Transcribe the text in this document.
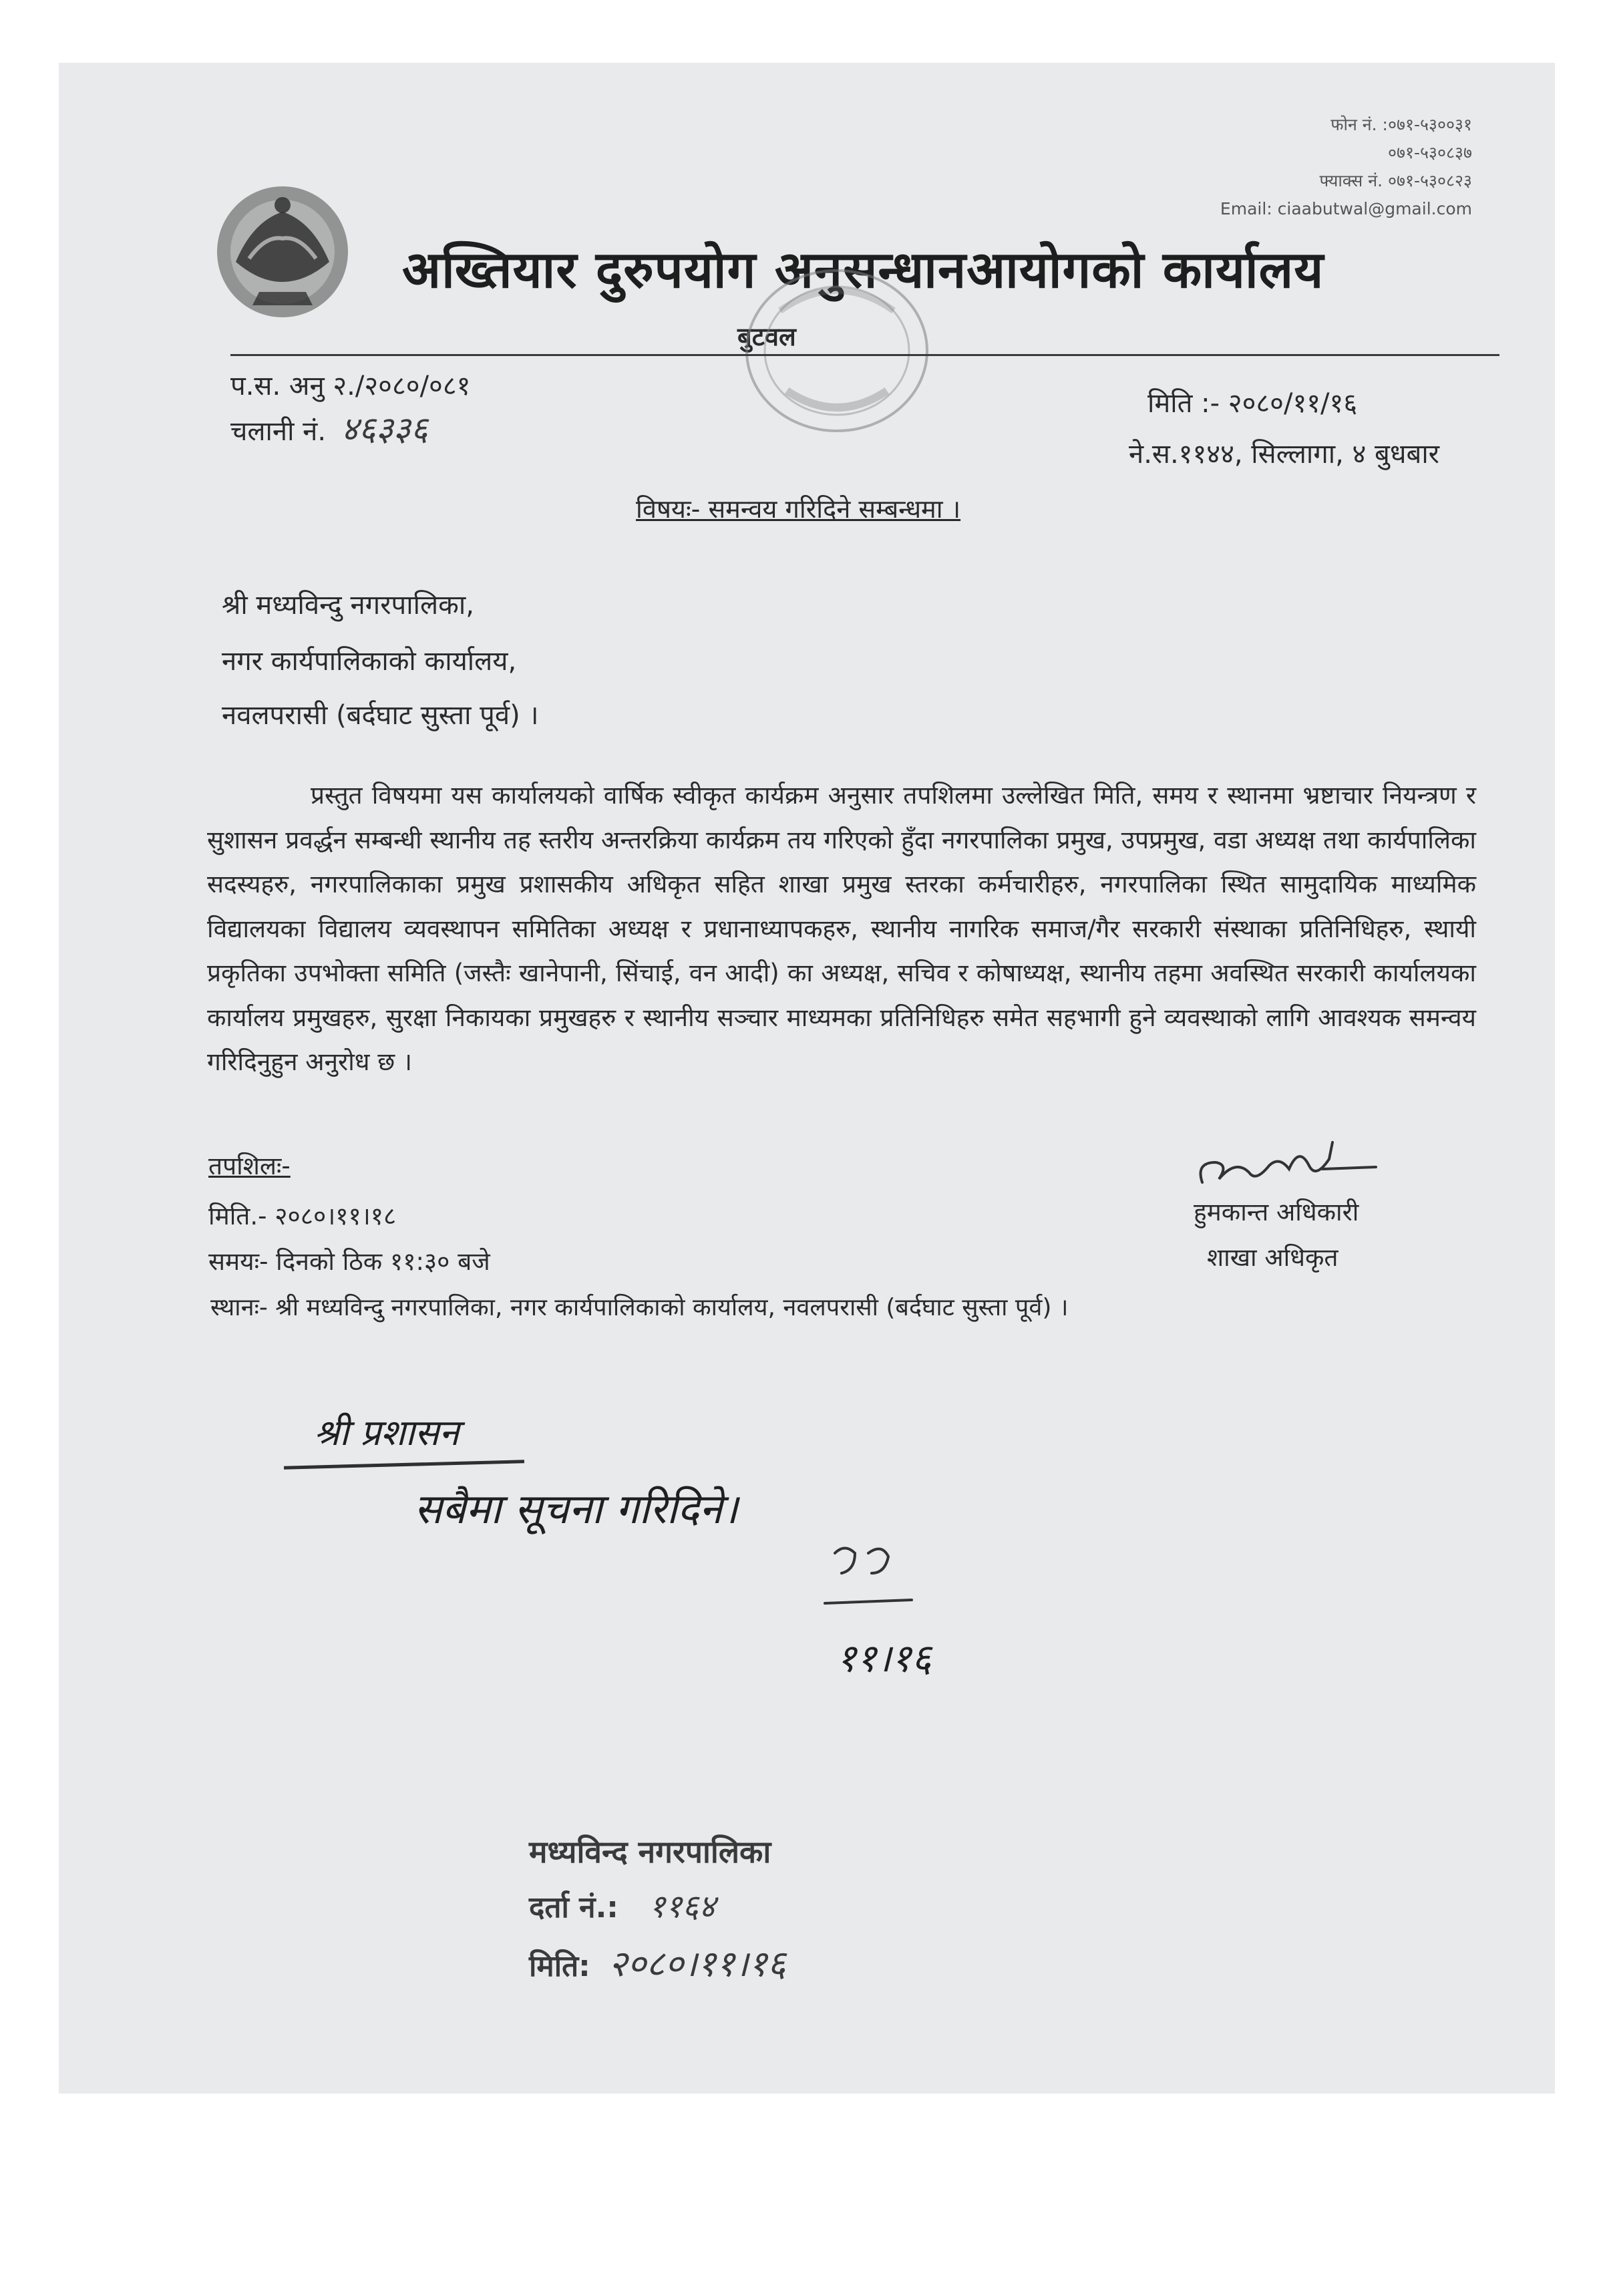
फोन नं. :०७१-५३००३१
०७१-५३०८३७
फ्याक्स नं. ०७१-५३०८२३
Email: ciaabutwal@gmail.com
अख्तियार दुरुपयोग अनुसन्धानआयोगको कार्यालय
बुटवल
प.स. अनु २./२०८०/०८१
चलानी नं. ४६३३६
मिति :- २०८०/११/१६
ने.स.११४४, सिल्लागा, ४ बुधबार
विषयः- समन्वय गरिदिने सम्बन्धमा ।
श्री मध्यविन्दु नगरपालिका,
नगर कार्यपालिकाको कार्यालय,
नवलपरासी (बर्दघाट सुस्ता पूर्व) ।

प्रस्तुत विषयमा यस कार्यालयको वार्षिक स्वीकृत कार्यक्रम अनुसार तपशिलमा उल्लेखित मिति, समय र स्थानमा भ्रष्टाचार नियन्त्रण र सुशासन प्रवर्द्धन सम्बन्धी स्थानीय तह स्तरीय अन्तरक्रिया कार्यक्रम तय गरिएको हुँदा नगरपालिका प्रमुख, उपप्रमुख, वडा अध्यक्ष तथा कार्यपालिका सदस्यहरु, नगरपालिकाका प्रमुख प्रशासकीय अधिकृत सहित शाखा प्रमुख स्तरका कर्मचारीहरु, नगरपालिका स्थित सामुदायिक माध्यमिक विद्यालयका विद्यालय व्यवस्थापन समितिका अध्यक्ष र प्रधानाध्यापकहरु, स्थानीय नागरिक समाज/गैर सरकारी संस्थाका प्रतिनिधिहरु, स्थायी प्रकृतिका उपभोक्ता समिति (जस्तैः खानेपानी, सिंचाई, वन आदी) का अध्यक्ष, सचिव र कोषाध्यक्ष, स्थानीय तहमा अवस्थित सरकारी कार्यालयका कार्यालय प्रमुखहरु, सुरक्षा निकायका प्रमुखहरु र स्थानीय सञ्चार माध्यमका प्रतिनिधिहरु समेत सहभागी हुने व्यवस्थाको लागि आवश्यक समन्वय गरिदिनुहुन अनुरोध छ ।

तपशिलः-
मिति.- २०८०।११।१८
समयः- दिनको ठिक ११:३० बजे
स्थानः- श्री मध्यविन्दु नगरपालिका, नगर कार्यपालिकाको कार्यालय, नवलपरासी (बर्दघाट सुस्ता पूर्व) ।
हुमकान्त अधिकारी
शाखा अधिकृत
श्री प्रशासन
सबैमा सूचना गरिदिने।
११।१६
मध्यविन्द नगरपालिका
दर्ता नं.: ११६४
मिति: २०८०।११।१६
